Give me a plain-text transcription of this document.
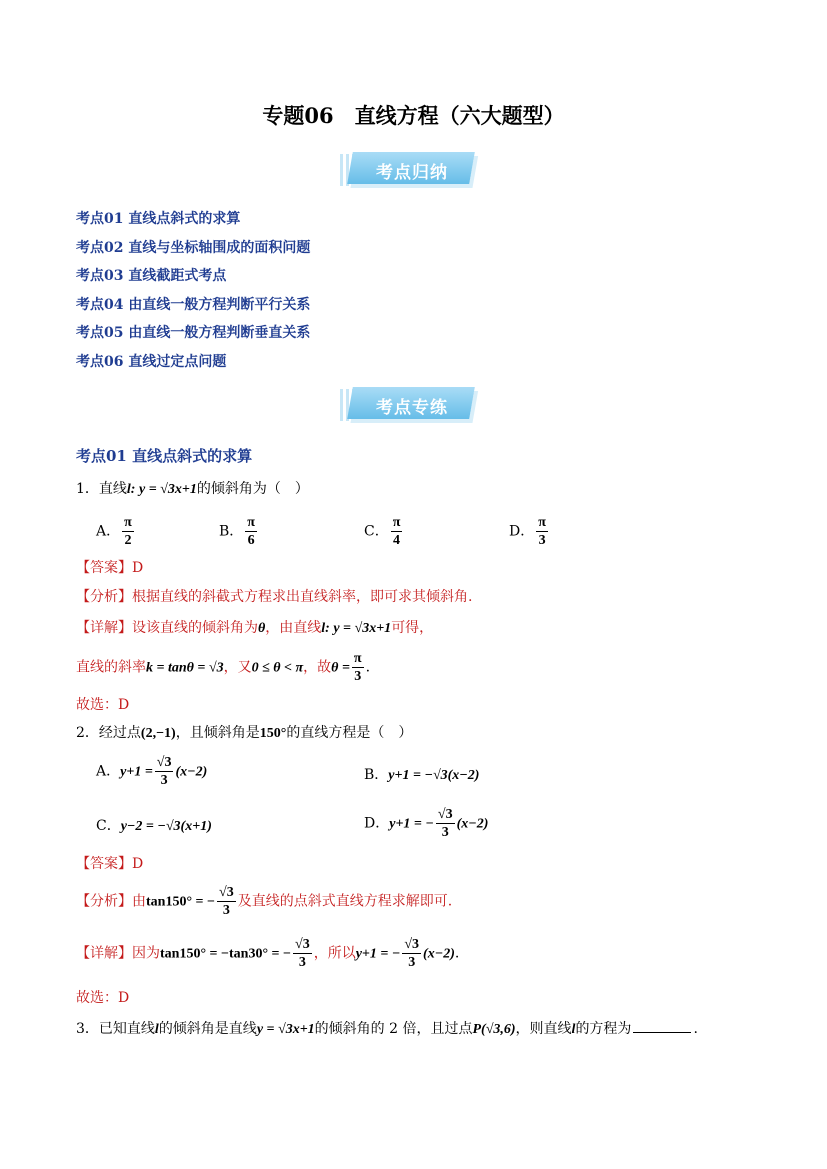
专题06　直线方程（六大题型）
考点归纳
考点01 直线点斜式的求算
考点02 直线与坐标轴围成的面积问题
考点03 直线截距式考点
考点04 由直线一般方程判断平行关系
考点05 由直线一般方程判断垂直关系
考点06 直线过定点问题
考点专练
考点01 直线点斜式的求算
1．直线l: y = √3x+1的倾斜角为（　）
A． $\frac{\pi}{2}$	B． $\frac{\pi}{6}$	C． $\frac{\pi}{4}$	D． $\frac{\pi}{3}$
【答案】D
【分析】根据直线的斜截式方程求出直线斜率，即可求其倾斜角.
【详解】设该直线的倾斜角为θ，由直线l: y = √3x+1可得，
直线的斜率k = tanθ = √3，又0 ≤ θ < π，故$\theta = \frac{\pi}{3}$ .
故选：D
2．经过点(2,−1)，且倾斜角是150°的直线方程是（　）
A．$y+1 = \frac{√3}{3} (x-2)$	B．y+1 = −√3(x−2)
C．y−2 = −√3(x+1)	D．y+1 = − $\frac{√3}{3} (x-2)$
【答案】D
【分析】由tan150° = − $\frac{√3}{3}$ 及直线的点斜式直线方程求解即可.
【详解】因为tan150° = −tan30° = − $\frac{√3}{3}$ ，所以y+1 = − $\frac{√3}{3} (x-2)$.
故选：D
3．已知直线l的倾斜角是直线y = √3x+1的倾斜角的 2 倍，且过点P(√3,6)，则直线l的方程为	.
